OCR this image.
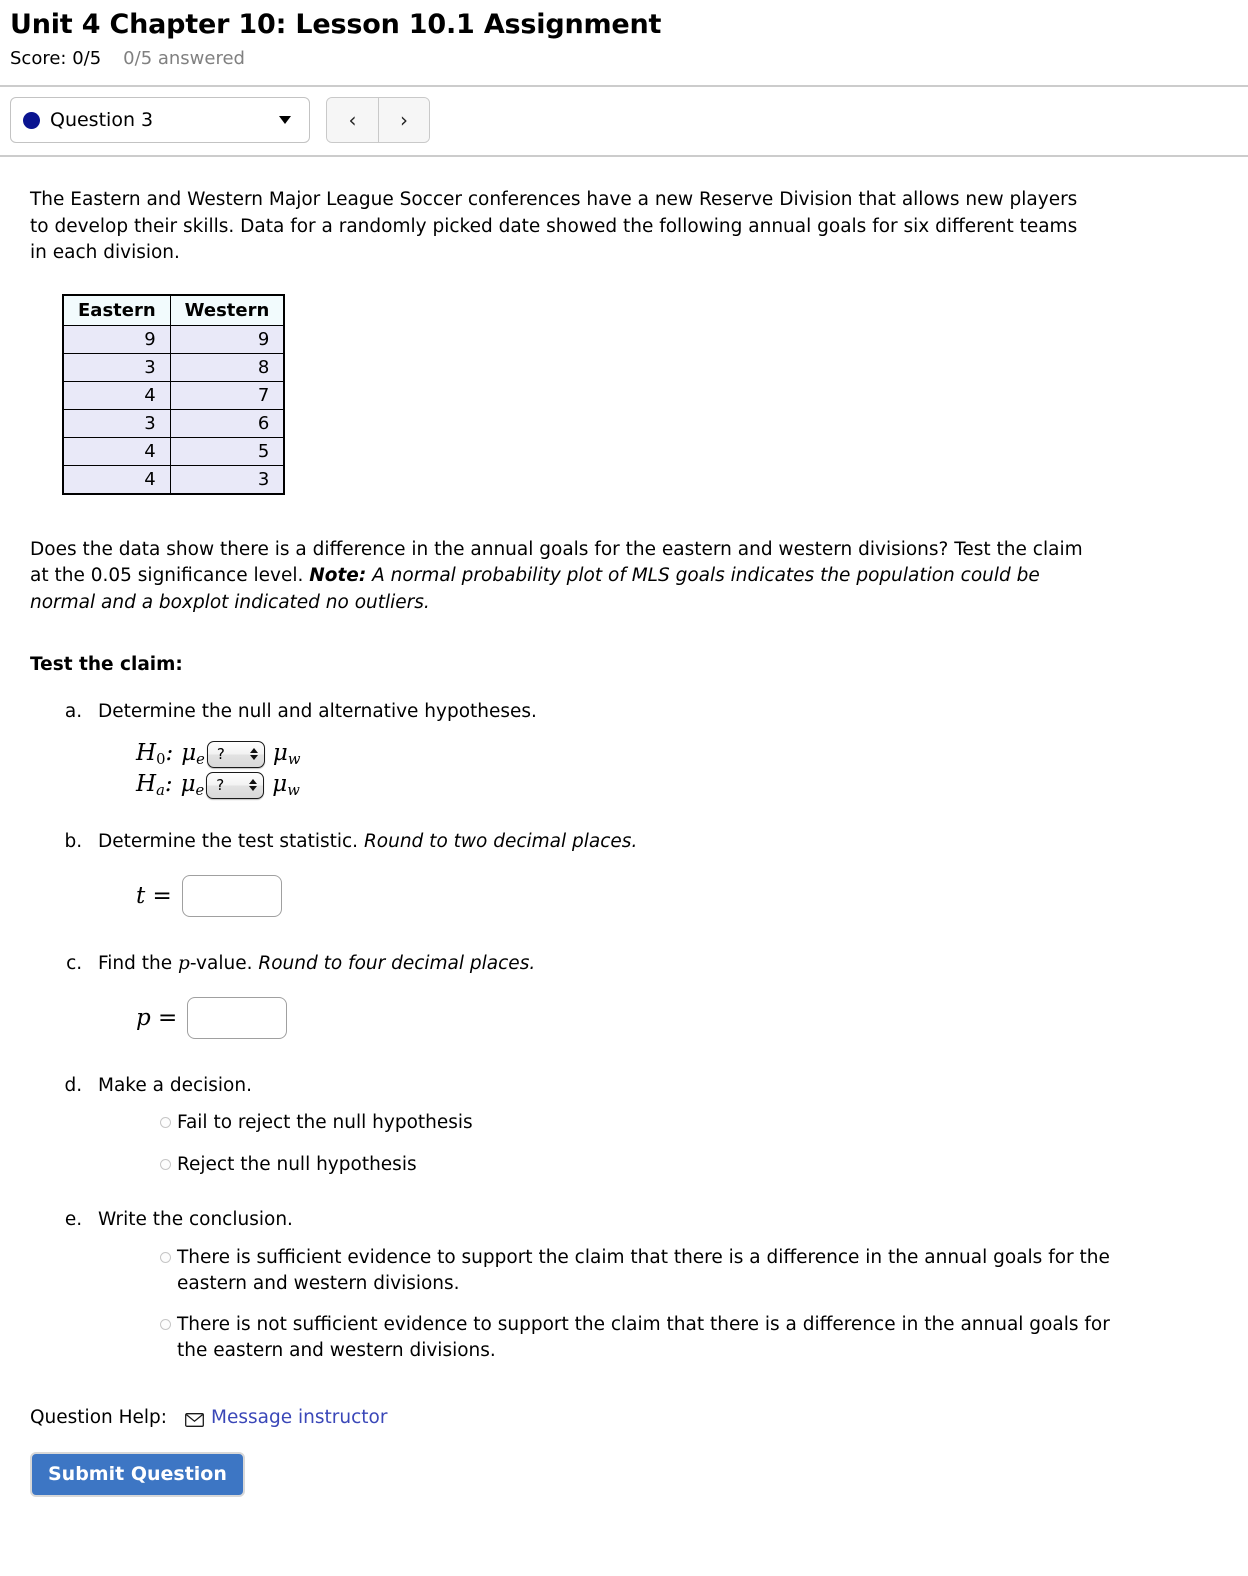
Unit 4 Chapter 10: Lesson 10.1 Assignment
Score: 0/5 0/5 answered
Question 3	‹	›

The Eastern and Western Major League Soccer conferences have a new Reserve Division that allows new players to develop their skills. Data for a randomly picked date showed the following annual goals for six different teams in each division.

Eastern	Western
9	9
3	8
4	7
3	6
4	5
4	3

Does the data show there is a difference in the annual goals for the eastern and western divisions? Test the claim at the 0.05 significance level. Note: A normal probability plot of MLS goals indicates the population could be normal and a boxplot indicated no outliers.

Test the claim:
a. Determine the null and alternative hypotheses.
$H_0$: $\mu_e$ ? $\mu_w$
$H_a$: $\mu_e$ ? $\mu_w$
b. Determine the test statistic. Round to two decimal places.
t =
c. Find the p-value. Round to four decimal places.
p =
d. Make a decision.
Fail to reject the null hypothesis
Reject the null hypothesis
e. Write the conclusion.
There is sufficient evidence to support the claim that there is a difference in the annual goals for the eastern and western divisions.
There is not sufficient evidence to support the claim that there is a difference in the annual goals for the eastern and western divisions.
Question Help: Message instructor
Submit Question
